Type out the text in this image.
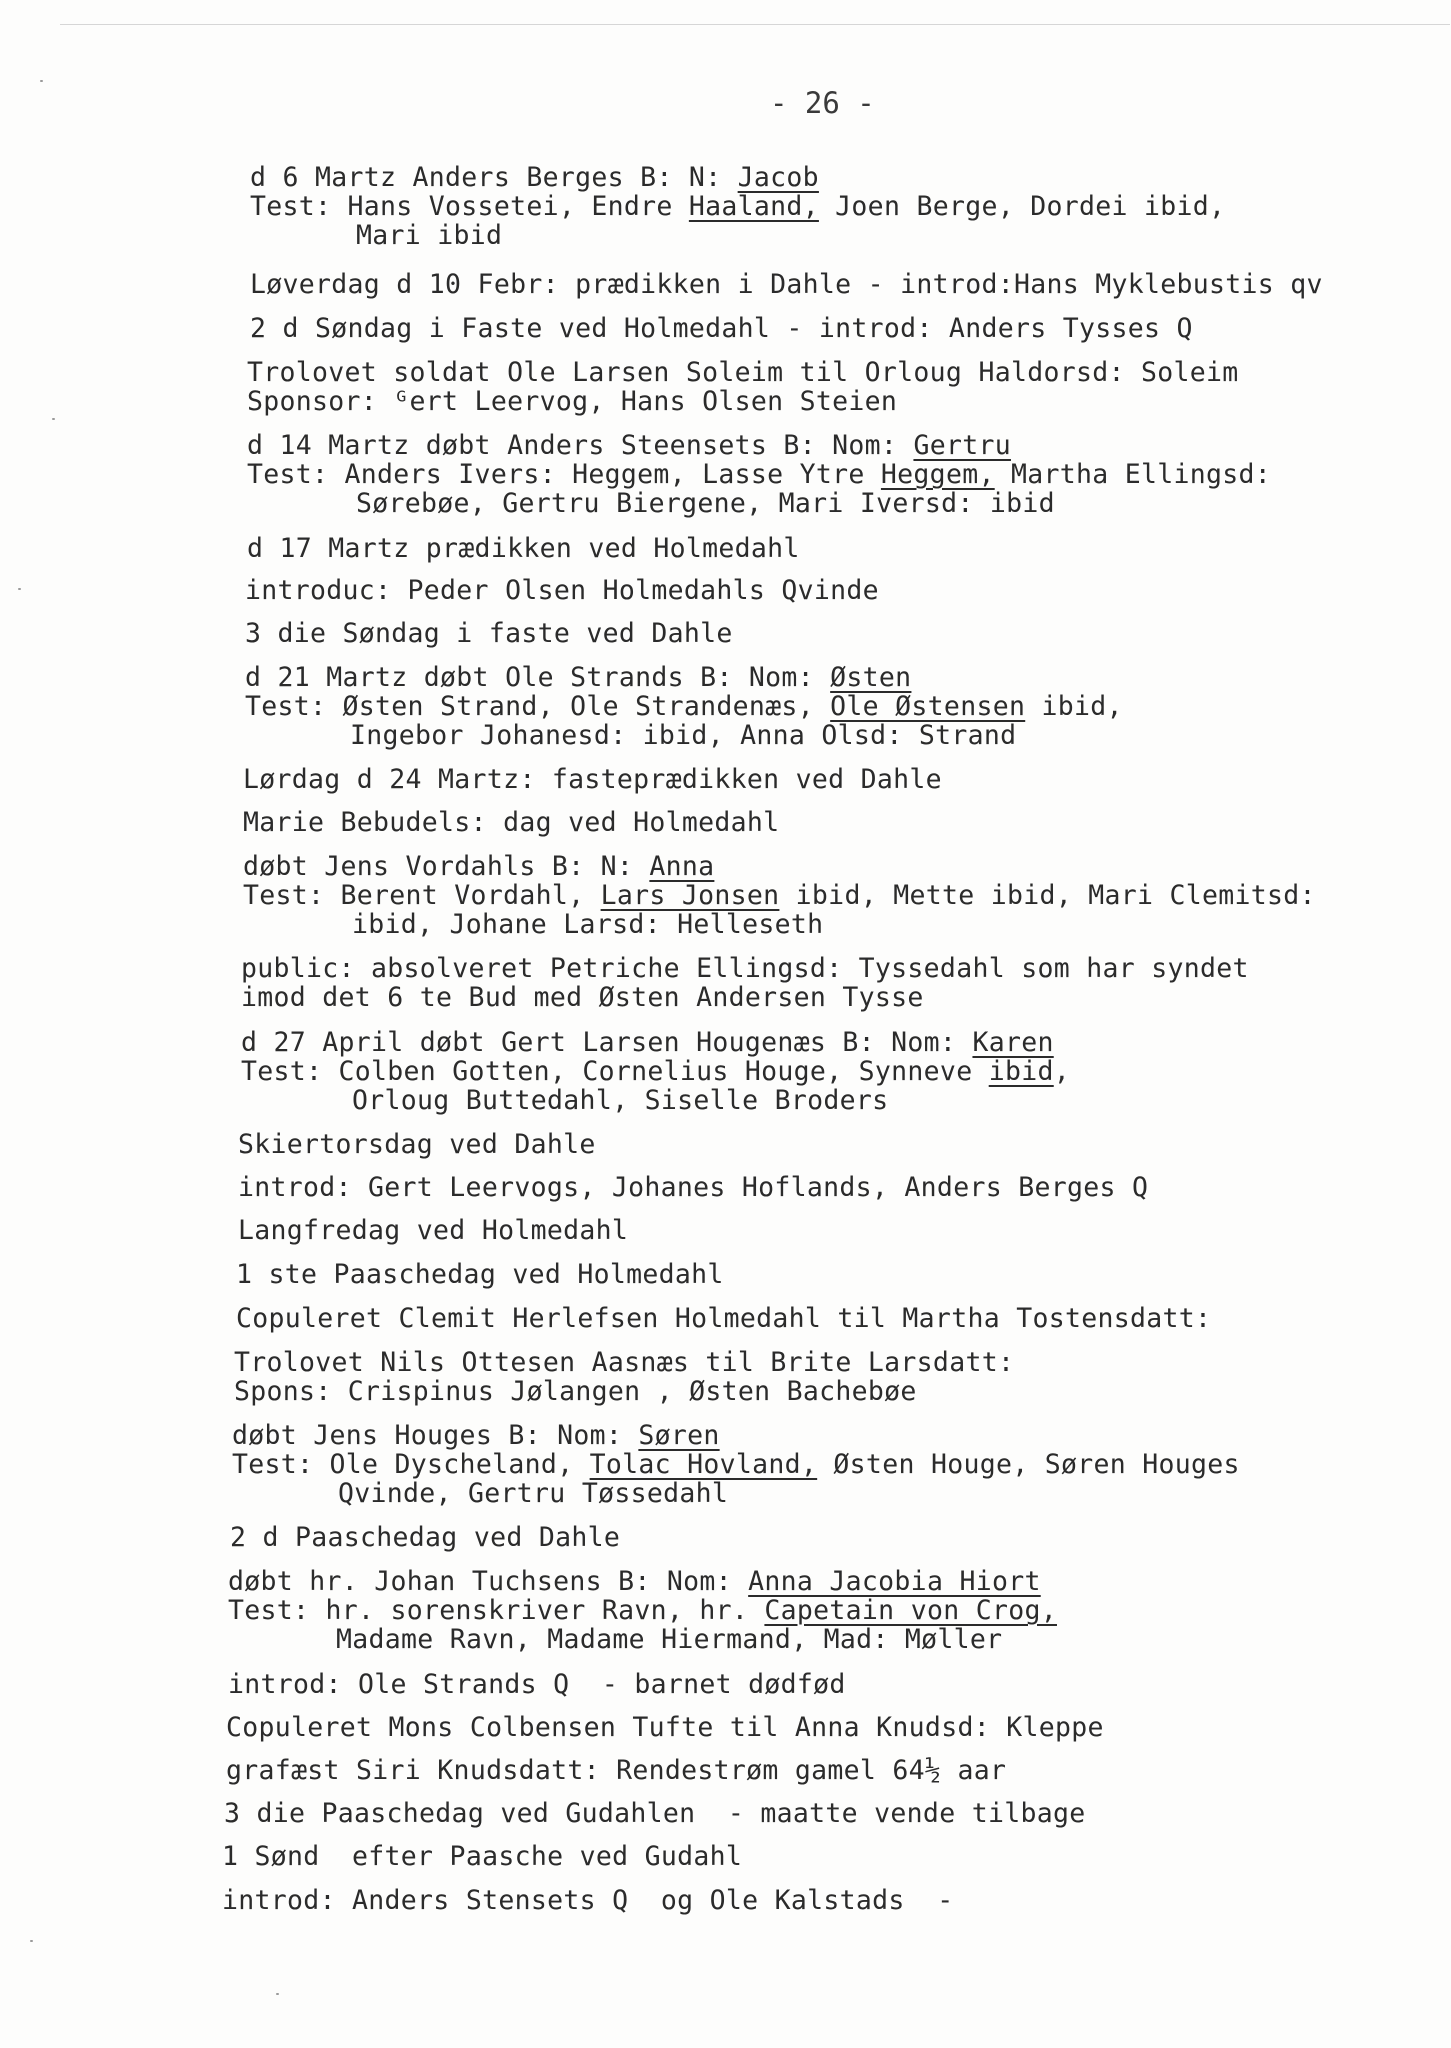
- 26 -
d 6 Martz Anders Berges B: N: Jacob
Test: Hans Vossetei, Endre Haaland, Joen Berge, Dordei ibid,
Mari ibid
Løverdag d 10 Febr: prædikken i Dahle - introd:Hans Myklebustis qv
2 d Søndag i Faste ved Holmedahl - introd: Anders Tysses Q
Trolovet soldat Ole Larsen Soleim til Orloug Haldorsd: Soleim
Sponsor: ᴳert Leervog, Hans Olsen Steien
d 14 Martz døbt Anders Steensets B: Nom: Gertru
Test: Anders Ivers: Heggem, Lasse Ytre Heggem, Martha Ellingsd:
Sørebøe, Gertru Biergene, Mari Iversd: ibid
d 17 Martz prædikken ved Holmedahl
introduc: Peder Olsen Holmedahls Qvinde
3 die Søndag i faste ved Dahle
d 21 Martz døbt Ole Strands B: Nom: Østen
Test: Østen Strand, Ole Strandenæs, Ole Østensen ibid,
Ingebor Johanesd: ibid, Anna Olsd: Strand
Lørdag d 24 Martz: fasteprædikken ved Dahle
Marie Bebudels: dag ved Holmedahl
døbt Jens Vordahls B: N: Anna
Test: Berent Vordahl, Lars Jonsen ibid, Mette ibid, Mari Clemitsd:
ibid, Johane Larsd: Helleseth
public: absolveret Petriche Ellingsd: Tyssedahl som har syndet
imod det 6 te Bud med Østen Andersen Tysse
d 27 April døbt Gert Larsen Hougenæs B: Nom: Karen
Test: Colben Gotten, Cornelius Houge, Synneve ibid,
Orloug Buttedahl, Siselle Broders
Skiertorsdag ved Dahle
introd: Gert Leervogs, Johanes Hoflands, Anders Berges Q
Langfredag ved Holmedahl
1 ste Paaschedag ved Holmedahl
Copuleret Clemit Herlefsen Holmedahl til Martha Tostensdatt:
Trolovet Nils Ottesen Aasnæs til Brite Larsdatt:
Spons: Crispinus Jølangen , Østen Bachebøe
døbt Jens Houges B: Nom: Søren
Test: Ole Dyscheland, Tolac Hovland, Østen Houge, Søren Houges
Qvinde, Gertru Tøssedahl
2 d Paaschedag ved Dahle
døbt hr. Johan Tuchsens B: Nom: Anna Jacobia Hiort
Test: hr. sorenskriver Ravn, hr. Capetain von Crog,
Madame Ravn, Madame Hiermand, Mad: Møller
introd: Ole Strands Q  - barnet dødfød
Copuleret Mons Colbensen Tufte til Anna Knudsd: Kleppe
grafæst Siri Knudsdatt: Rendestrøm gamel 64½ aar
3 die Paaschedag ved Gudahlen  - maatte vende tilbage
1 Sønd  efter Paasche ved Gudahl
introd: Anders Stensets Q  og Ole Kalstads  -
